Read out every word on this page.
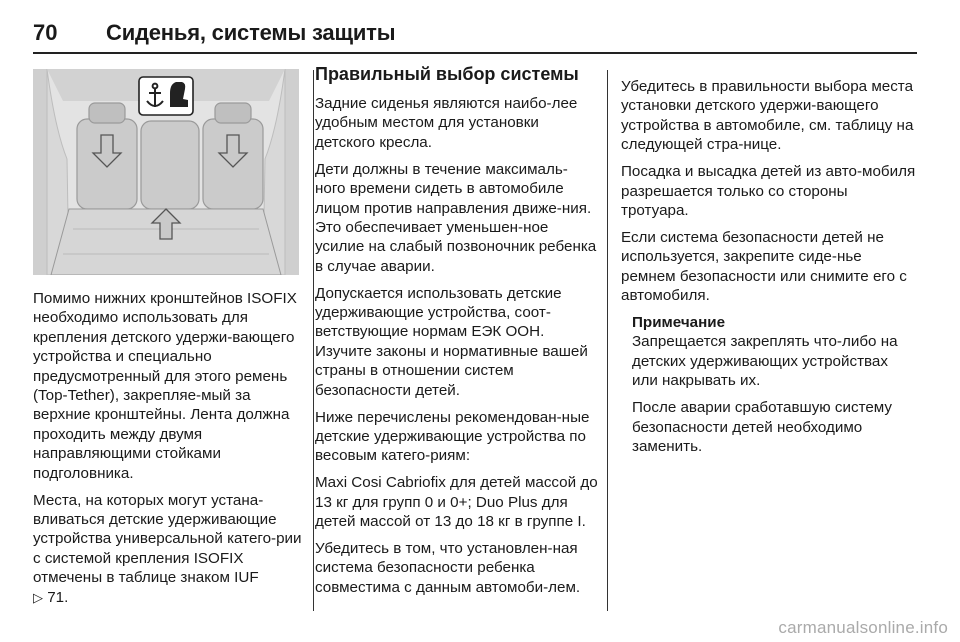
70 Сиденья, системы защиты

Помимо нижних кронштейнов ISOFIX необходимо использовать для крепления детского удержи-вающего устройства и специально предусмотренный для этого ремень (Top-Tether), закрепляе-мый за верхние кронштейны. Лента должна проходить между двумя направляющими стойками подголовника.

Места, на которых могут устана-вливаться детские удерживающие устройства универсальной катего-рии с системой крепления ISOFIX отмечены в таблице знаком IUF
▷ 71.

Правильный выбор системы

Задние сиденья являются наибо-лее удобным местом для установки детского кресла.

Дети должны в течение максималь-ного времени сидеть в автомобиле лицом против направления движе-ния. Это обеспечивает уменьшен-ное усилие на слабый позвоночник ребенка в случае аварии.

Допускается использовать детские удерживающие устройства, соот-ветствующие нормам ЕЭК ООН. Изучите законы и нормативные вашей страны в отношении систем безопасности детей.

Ниже перечислены рекомендован-ные детские удерживающие устройства по весовым катего-риям:

Maxi Cosi Cabriofix для детей массой до 13 кг для групп 0 и 0+; Duo Plus для детей массой от 13 до 18 кг в группе I.

Убедитесь в том, что установлен-ная система безопасности ребенка совместима с данным автомоби-лем.

Убедитесь в правильности выбора места установки детского удержи-вающего устройства в автомобиле, см. таблицу на следующей стра-нице.

Посадка и высадка детей из авто-мобиля разрешается только со стороны тротуара.

Если система безопасности детей не используется, закрепите сиде-нье ремнем безопасности или снимите его с автомобиля.

Примечание

Запрещается закреплять что-либо на детских удерживающих устройствах или накрывать их.

После аварии сработавшую систему безопасности детей необходимо заменить.

carmanualsonline.info
